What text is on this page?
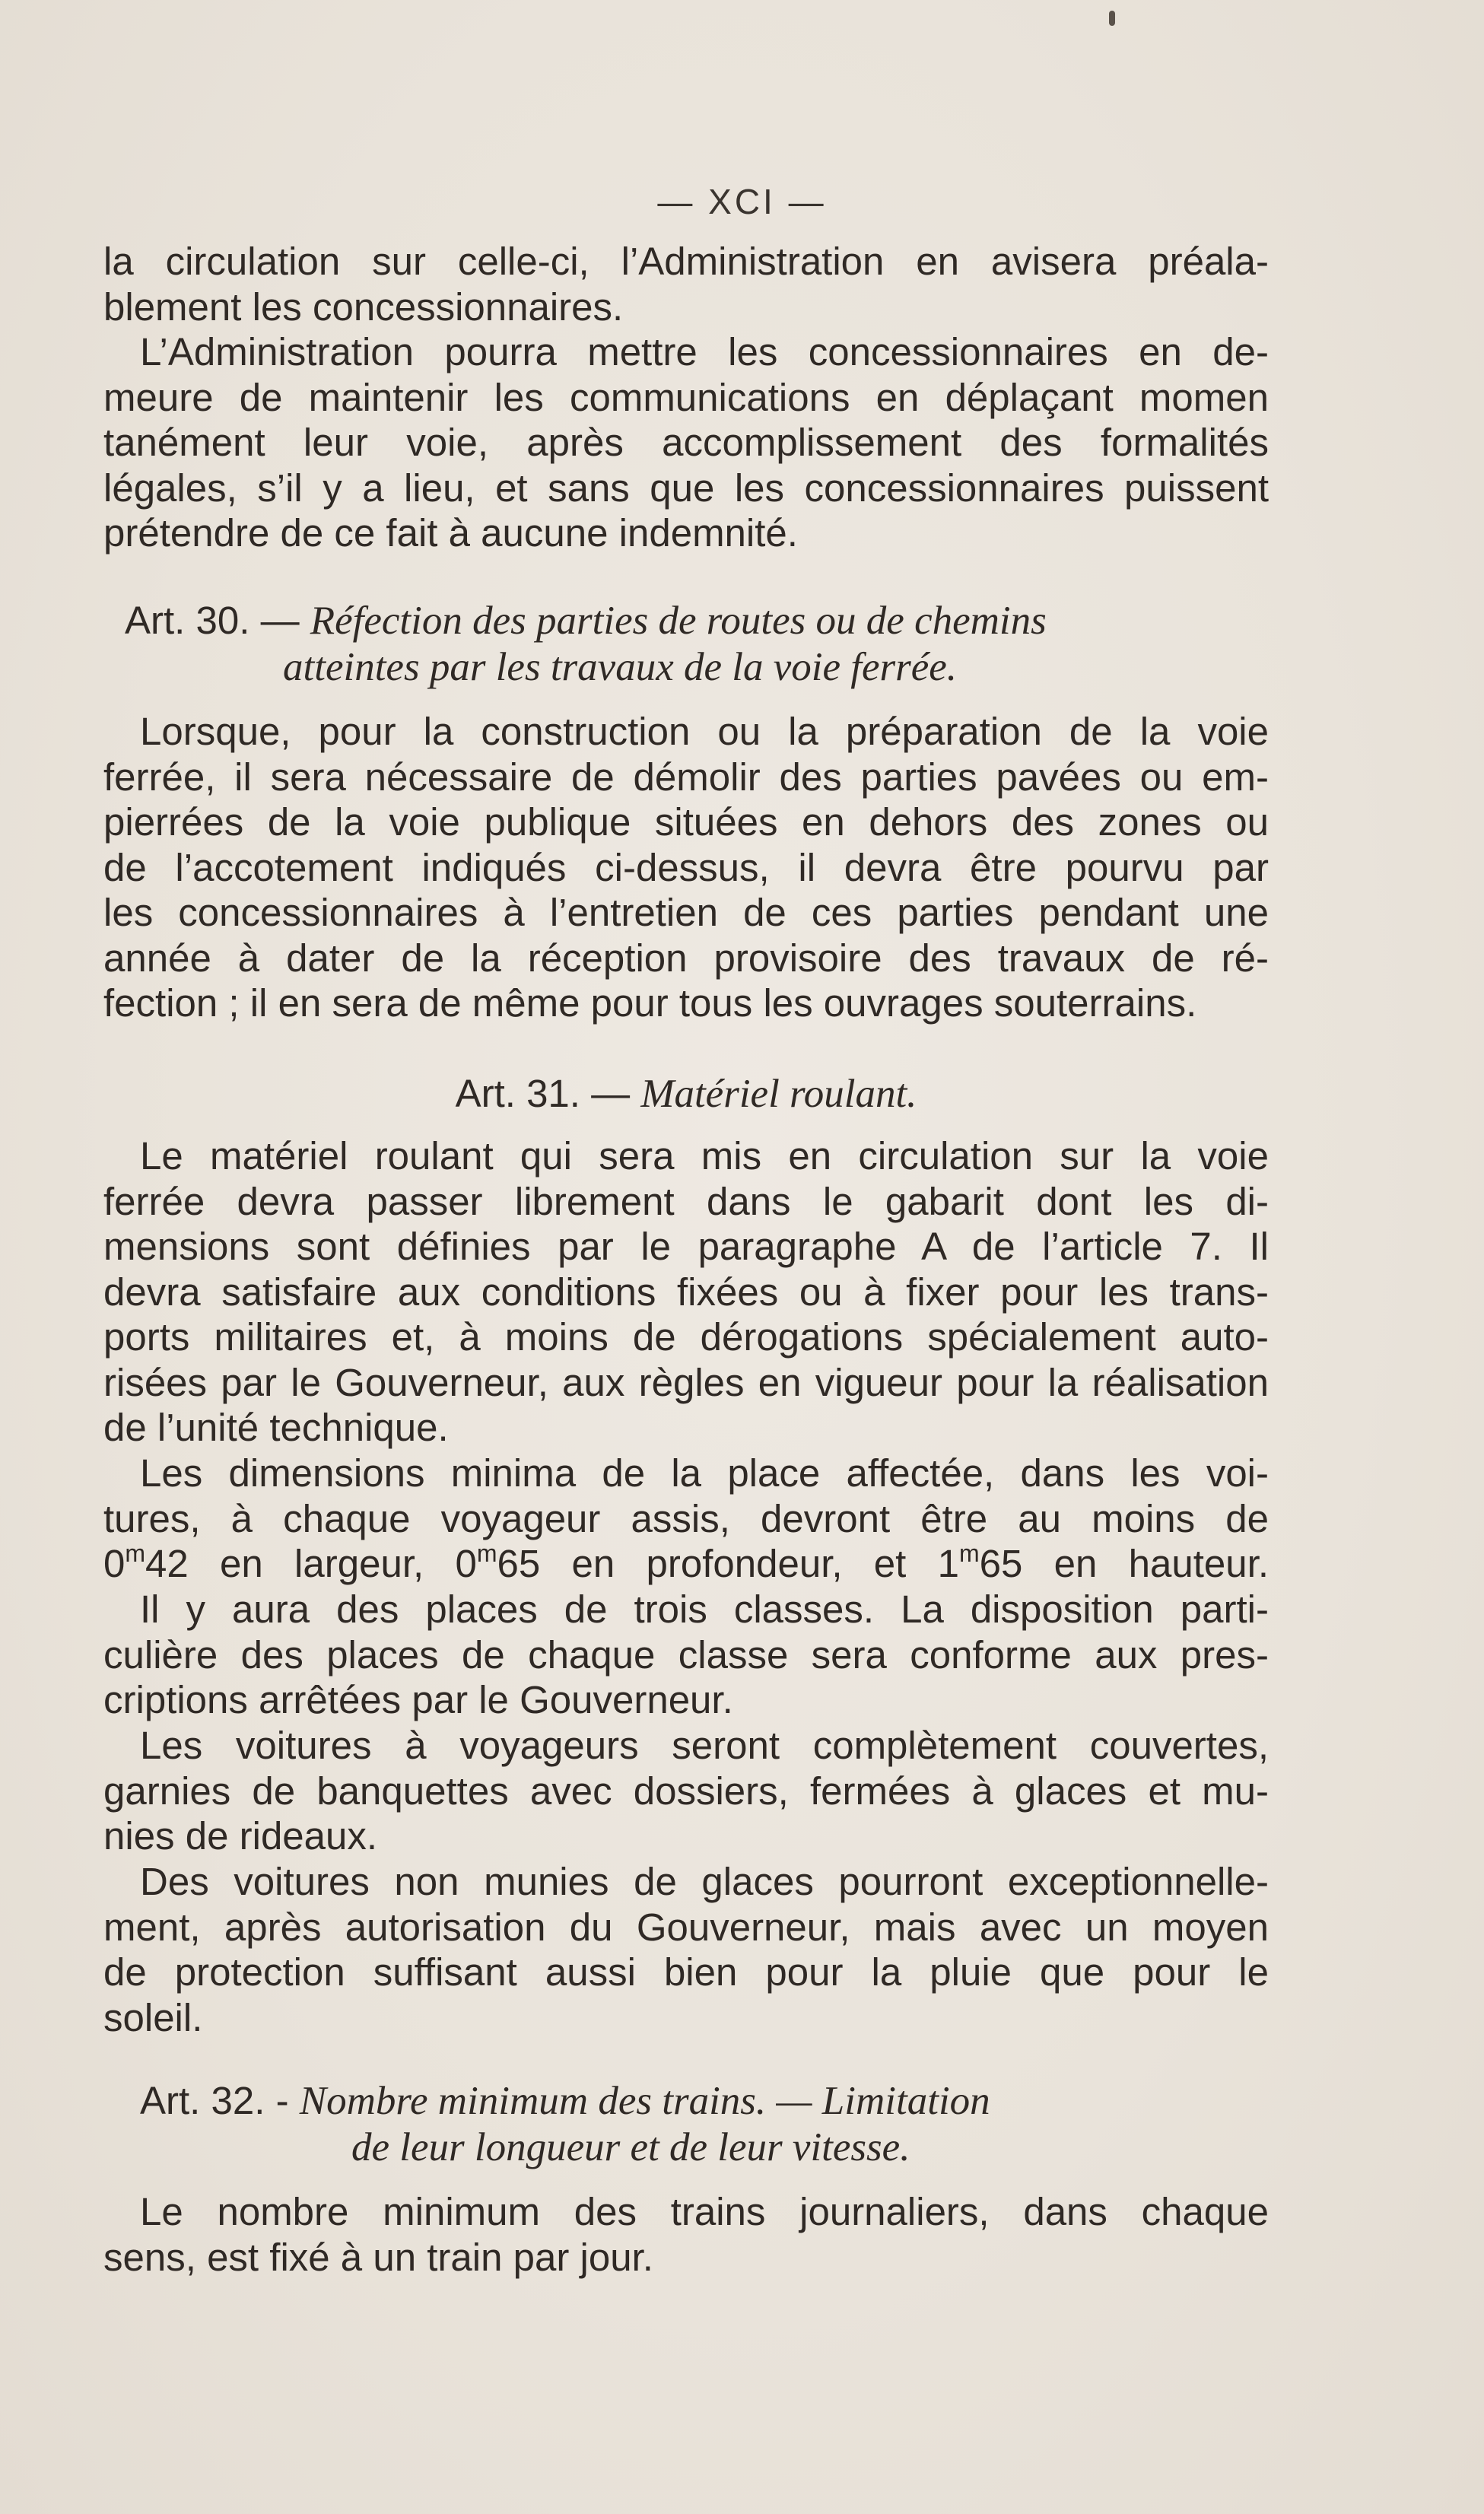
— XCI —
la circulation sur celle-ci, l’Administration en avisera préala-
blement les concessionnaires.
L’Administration pourra mettre les concessionnaires en de-
meure de maintenir les communications en déplaçant momen
tanément leur voie, après accomplissement des formalités
légales, s’il y a lieu, et sans que les concessionnaires puissent
prétendre de ce fait à aucune indemnité.
Art. 30. — Réfection des parties de routes ou de chemins
atteintes par les travaux de la voie ferrée.
Lorsque, pour la construction ou la préparation de la voie
ferrée, il sera nécessaire de démolir des parties pavées ou em-
pierrées de la voie publique situées en dehors des zones ou
de l’accotement indiqués ci-dessus, il devra être pourvu par
les concessionnaires à l’entretien de ces parties pendant une
année à dater de la réception provisoire des travaux de ré-
fection ; il en sera de même pour tous les ouvrages souterrains.
Art. 31. — Matériel roulant.
Le matériel roulant qui sera mis en circulation sur la voie
ferrée devra passer librement dans le gabarit dont les di-
mensions sont définies par le paragraphe A de l’article 7. Il
devra satisfaire aux conditions fixées ou à fixer pour les trans-
ports militaires et, à moins de dérogations spécialement auto-
risées par le Gouverneur, aux règles en vigueur pour la réalisation
de l’unité technique.
Les dimensions minima de la place affectée, dans les voi-
tures, à chaque voyageur assis, devront être au moins de
0$^m$42 en largeur, 0$^m$65 en profondeur, et 1$^m$65 en hauteur.
Il y aura des places de trois classes. La disposition parti-
culière des places de chaque classe sera conforme aux pres-
criptions arrêtées par le Gouverneur.
Les voitures à voyageurs seront complètement couvertes,
garnies de banquettes avec dossiers, fermées à glaces et mu-
nies de rideaux.
Des voitures non munies de glaces pourront exceptionnelle-
ment, après autorisation du Gouverneur, mais avec un moyen
de protection suffisant aussi bien pour la pluie que pour le
soleil.
Art. 32. - Nombre minimum des trains. — Limitation
de leur longueur et de leur vitesse.
Le nombre minimum des trains journaliers, dans chaque
sens, est fixé à un train par jour.
